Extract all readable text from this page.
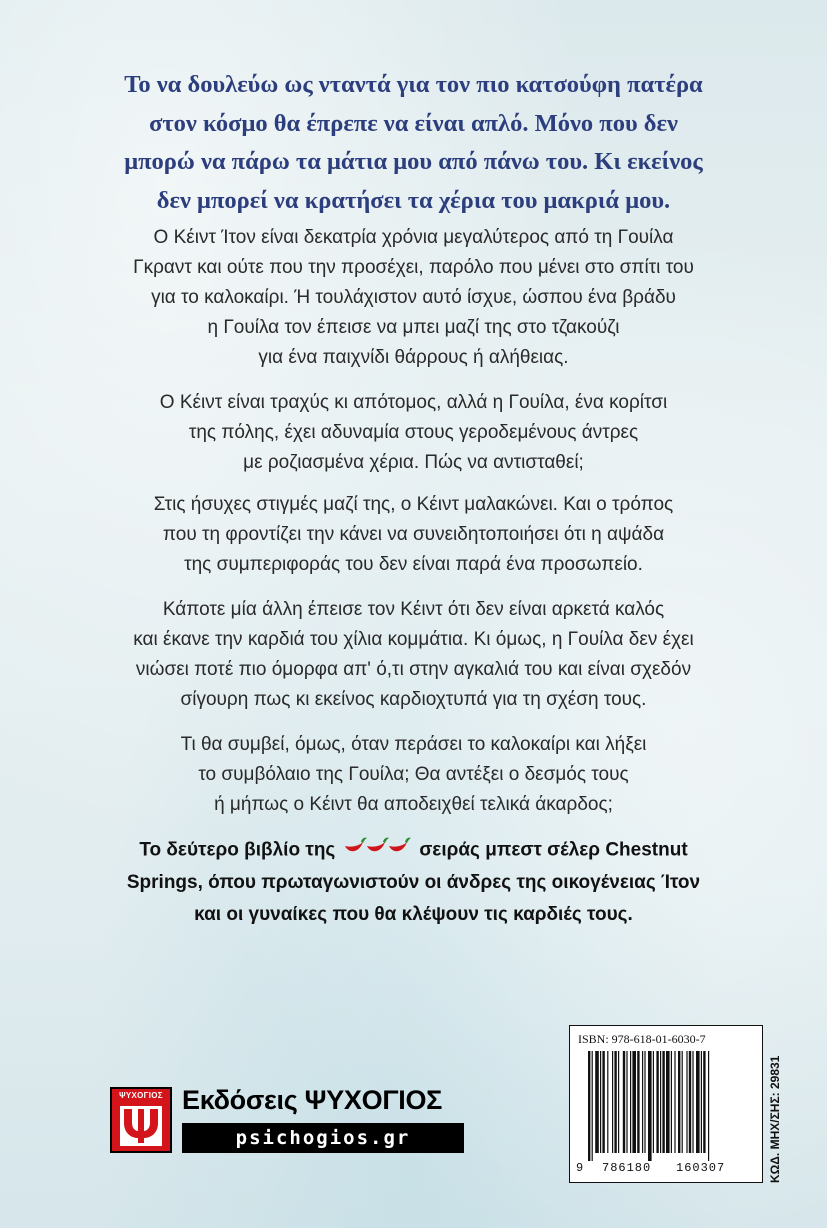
Το να δουλεύω ως νταντά για τον πιο κατσούφη πατέρα
στον κόσμο θα έπρεπε να είναι απλό. Μόνο που δεν
μπορώ να πάρω τα μάτια μου από πάνω του. Κι εκείνος
δεν μπορεί να κρατήσει τα χέρια του μακριά μου.
Ο Κέιντ Ίτον είναι δεκατρία χρόνια μεγαλύτερος από τη Γουίλα
Γκραντ και ούτε που την προσέχει, παρόλο που μένει στο σπίτι του
για το καλοκαίρι. Ή τουλάχιστον αυτό ίσχυε, ώσπου ένα βράδυ
η Γουίλα τον έπεισε να μπει μαζί της στο τζακούζι
για ένα παιχνίδι θάρρους ή αλήθειας.
Ο Κέιντ είναι τραχύς κι απότομος, αλλά η Γουίλα, ένα κορίτσι
της πόλης, έχει αδυναμία στους γεροδεμένους άντρες
με ροζιασμένα χέρια. Πώς να αντισταθεί;
Στις ήσυχες στιγμές μαζί της, ο Κέιντ μαλακώνει. Και ο τρόπος
που τη φροντίζει την κάνει να συνειδητοποιήσει ότι η αψάδα
της συμπεριφοράς του δεν είναι παρά ένα προσωπείο.
Κάποτε μία άλλη έπεισε τον Κέιντ ότι δεν είναι αρκετά καλός
και έκανε την καρδιά του χίλια κομμάτια. Κι όμως, η Γουίλα δεν έχει
νιώσει ποτέ πιο όμορφα απ' ό,τι στην αγκαλιά του και είναι σχεδόν
σίγουρη πως κι εκείνος καρδιοχτυπά για τη σχέση τους.
Τι θα συμβεί, όμως, όταν περάσει το καλοκαίρι και λήξει
το συμβόλαιο της Γουίλα; Θα αντέξει ο δεσμός τους
ή μήπως ο Κέιντ θα αποδειχθεί τελικά άκαρδος;
Το δεύτερο βιβλίο της	σειράς μπεστ σέλερ Chestnut
Springs, όπου πρωταγωνιστούν οι άνδρες της οικογένειας Ίτον
και οι γυναίκες που θα κλέψουν τις καρδιές τους.
ΨΥΧΟΓΙΟΣ Εκδόσεις ΨΥΧΟΓΙΟΣ
psichogios.gr
ISBN: 978-618-01-6030-7
9 786180 160307	ΚΩΔ. ΜΗΧ/ΣΗΣ: 29831
